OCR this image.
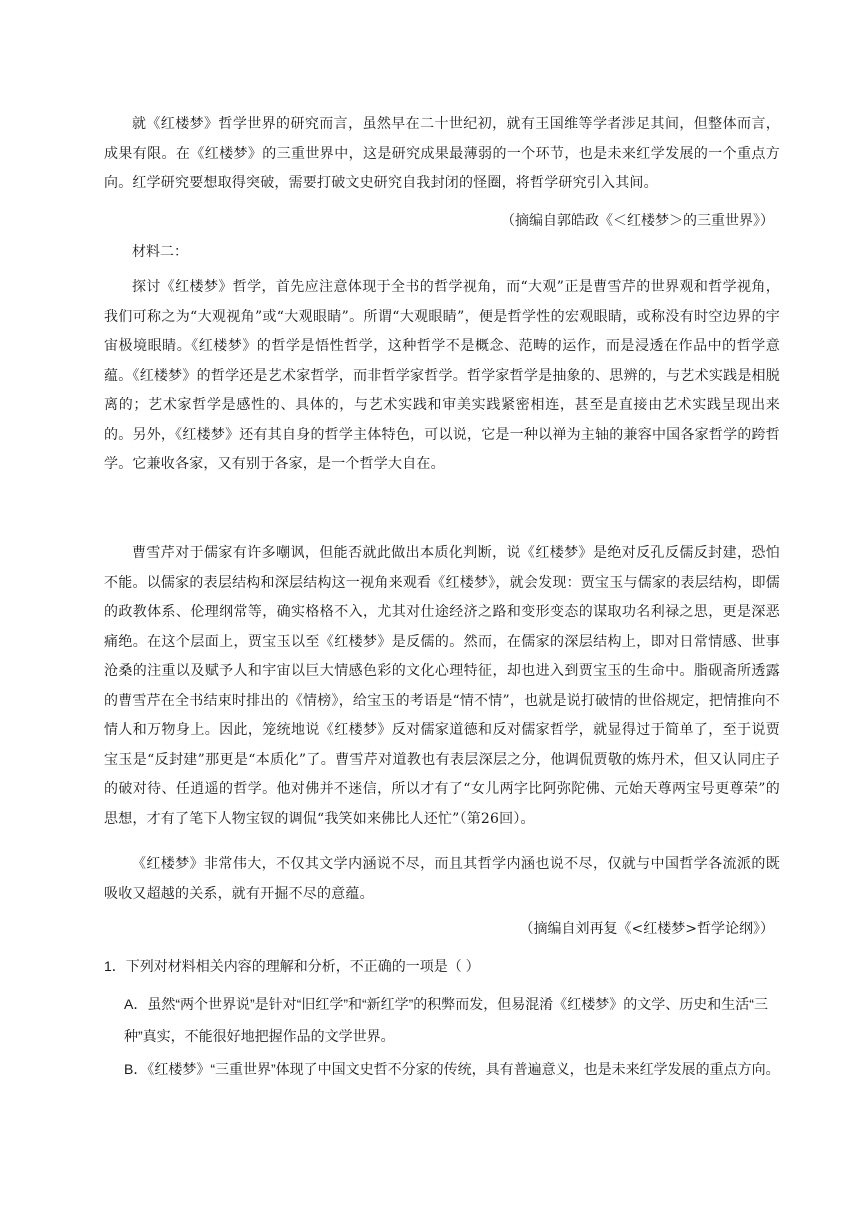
就《红楼梦》哲学世界的研究而言，虽然早在二十世纪初，就有王国维等学者涉足其间，但整体而言，成果有限。在《红楼梦》的三重世界中，这是研究成果最薄弱的一个环节，也是未来红学发展的一个重点方向。红学研究要想取得突破，需要打破文史研究自我封闭的怪圈，将哲学研究引入其间。

（摘编自郭皓政《＜红楼梦＞的三重世界》）

材料二：

探讨《红楼梦》哲学，首先应注意体现于全书的哲学视角，而“大观”正是曹雪芹的世界观和哲学视角，我们可称之为“大观视角”或“大观眼睛”。所谓“大观眼睛”，便是哲学性的宏观眼睛，或称没有时空边界的宇宙极境眼睛。《红楼梦》的哲学是悟性哲学，这种哲学不是概念、范畴的运作，而是浸透在作品中的哲学意蕴。《红楼梦》的哲学还是艺术家哲学，而非哲学家哲学。哲学家哲学是抽象的、思辨的，与艺术实践是相脱离的；艺术家哲学是感性的、具体的，与艺术实践和审美实践紧密相连，甚至是直接由艺术实践呈现出来的。另外，《红楼梦》还有其自身的哲学主体特色，可以说，它是一种以禅为主轴的兼容中国各家哲学的跨哲学。它兼收各家，又有别于各家，是一个哲学大自在。

曹雪芹对于儒家有许多嘲讽，但能否就此做出本质化判断，说《红楼梦》是绝对反孔反儒反封建，恐怕不能。以儒家的表层结构和深层结构这一视角来观看《红楼梦》，就会发现：贾宝玉与儒家的表层结构，即儒的政教体系、伦理纲常等，确实格格不入，尤其对仕途经济之路和变形变态的谋取功名利禄之思，更是深恶痛绝。在这个层面上，贾宝玉以至《红楼梦》是反儒的。然而，在儒家的深层结构上，即对日常情感、世事沧桑的注重以及赋予人和宇宙以巨大情感色彩的文化心理特征，却也进入到贾宝玉的生命中。脂砚斋所透露的曹雪芹在全书结束时排出的《情榜》，给宝玉的考语是“情不情”，也就是说打破情的世俗规定，把情推向不情人和万物身上。因此，笼统地说《红楼梦》反对儒家道德和反对儒家哲学，就显得过于简单了，至于说贾宝玉是“反封建”那更是“本质化”了。曹雪芹对道教也有表层深层之分，他调侃贾敬的炼丹术，但又认同庄子的破对待、任逍遥的哲学。他对佛并不迷信，所以才有了“女儿两字比阿弥陀佛、元始天尊两宝号更尊荣”的思想，才有了笔下人物宝钗的调侃“我笑如来佛比人还忙”（第26回）。

《红楼梦》非常伟大，不仅其文学内涵说不尽，而且其哲学内涵也说不尽，仅就与中国哲学各流派的既吸收又超越的关系，就有开掘不尽的意蕴。

（摘编自刘再复《<红楼梦>哲学论纲》）

1．下列对材料相关内容的理解和分析，不正确的一项是（ ）

A．虽然“两个世界说”是针对“旧红学”和“新红学”的积弊而发，但易混淆《红楼梦》的文学、历史和生活“三种”真实，不能很好地把握作品的文学世界。

B．《红楼梦》“三重世界”体现了中国文史哲不分家的传统，具有普遍意义，也是未来红学发展的重点方向。
